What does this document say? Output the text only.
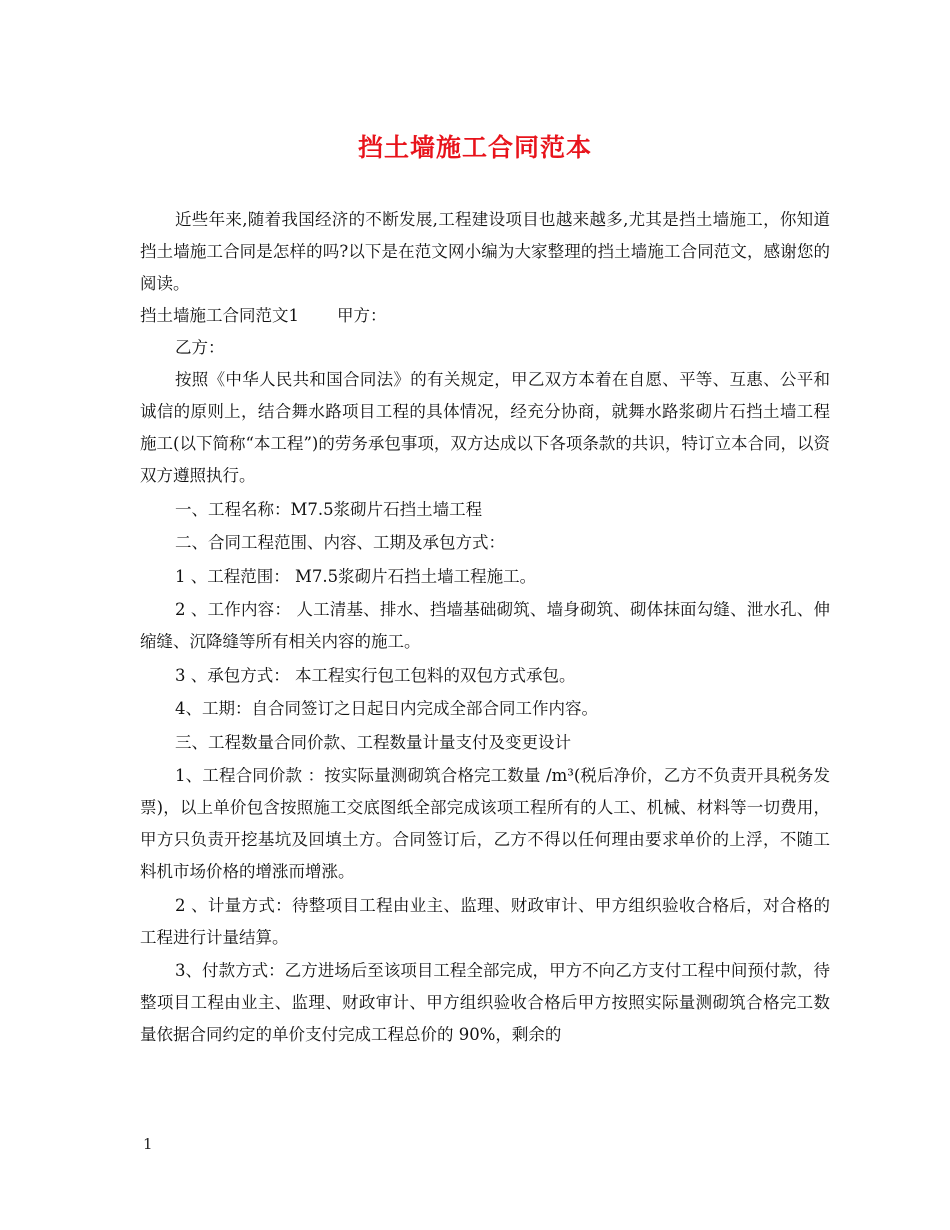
挡土墙施工合同范本

近些年来,随着我国经济的不断发展,工程建设项目也越来越多,尤其是挡土墙施工，你知道挡土墙施工合同是怎样的吗?以下是在范文网小编为大家整理的挡土墙施工合同范文，感谢您的阅读。

挡土墙施工合同范文1 甲方：

乙方：

按照《中华人民共和国合同法》的有关规定，甲乙双方本着在自愿、平等、互惠、公平和诚信的原则上，结合舞水路项目工程的具体情况，经充分协商，就舞水路浆砌片石挡土墙工程施工(以下简称“本工程”)的劳务承包事项，双方达成以下各项条款的共识，特订立本合同，以资双方遵照执行。

一、工程名称：M7.5浆砌片石挡土墙工程

二、合同工程范围、内容、工期及承包方式：

1 、工程范围： M7.5浆砌片石挡土墙工程施工。

2 、工作内容： 人工清基、排水、挡墙基础砌筑、墙身砌筑、砌体抹面勾缝、泄水孔、伸缩缝、沉降缝等所有相关内容的施工。

3 、承包方式： 本工程实行包工包料的双包方式承包。

4、工期：自合同签订之日起日内完成全部合同工作内容。

三、工程数量合同价款、工程数量计量支付及变更设计

1、工程合同价款 ：按实际量测砌筑合格完工数量 /m³(税后净价，乙方不负责开具税务发票)，以上单价包含按照施工交底图纸全部完成该项工程所有的人工、机械、材料等一切费用，甲方只负责开挖基坑及回填土方。合同签订后，乙方不得以任何理由要求单价的上浮，不随工料机市场价格的增涨而增涨。

2 、计量方式：待整项目工程由业主、监理、财政审计、甲方组织验收合格后，对合格的工程进行计量结算。

3、付款方式：乙方进场后至该项目工程全部完成，甲方不向乙方支付工程中间预付款，待整项目工程由业主、监理、财政审计、甲方组织验收合格后甲方按照实际量测砌筑合格完工数量依据合同约定的单价支付完成工程总价的 90%，剩余的

1
